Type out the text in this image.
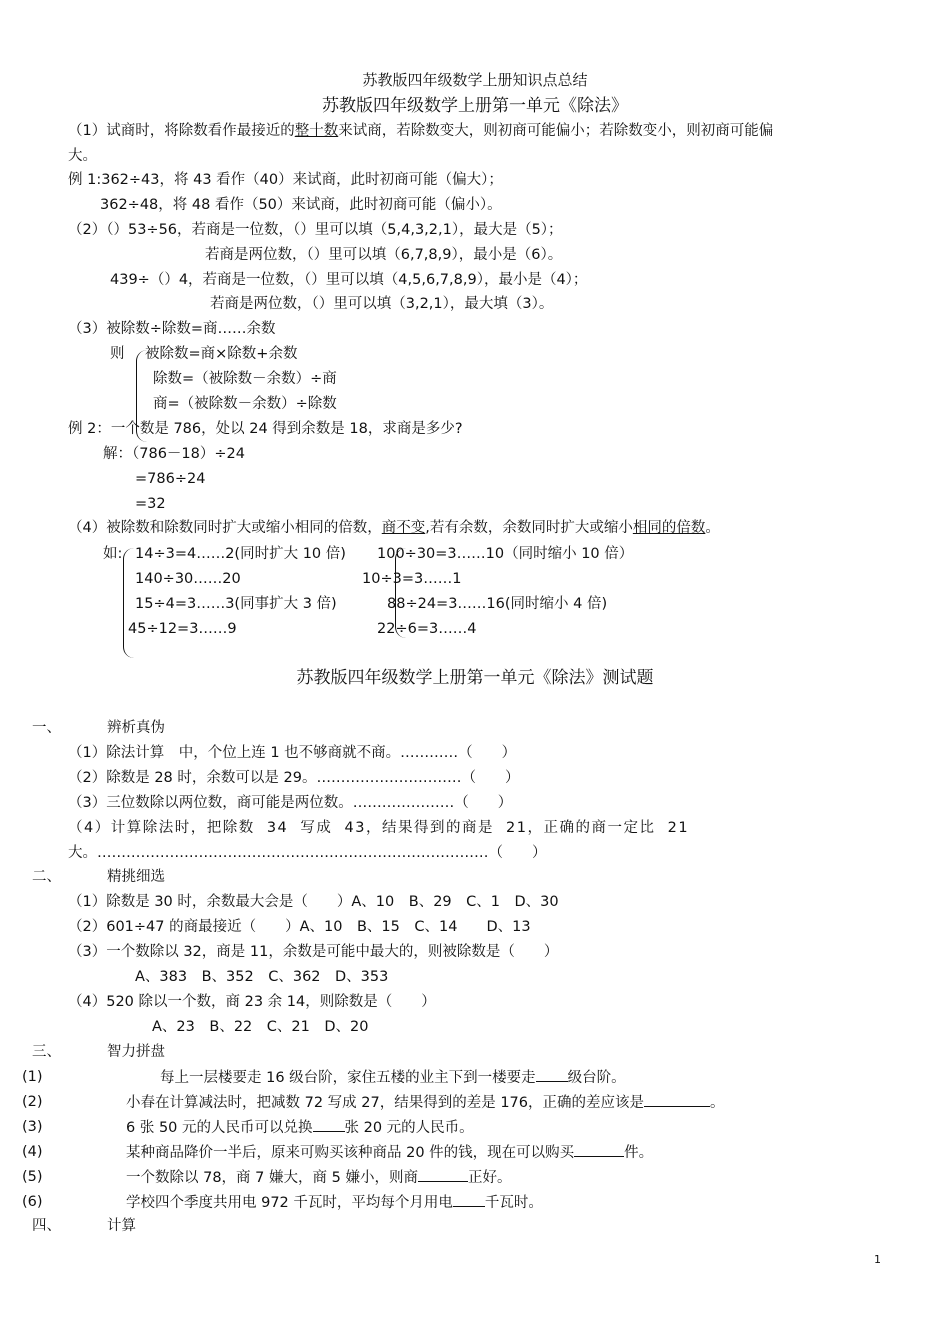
苏教版四年级数学上册知识点总结
苏教版四年级数学上册第一单元《除法》
（1）试商时，将除数看作最接近的整十数来试商，若除数变大，则初商可能偏小；若除数变小，则初商可能偏
大。
例 1:362÷43，将 43 看作（40）来试商，此时初商可能（偏大）；
362÷48，将 48 看作（50）来试商，此时初商可能（偏小）。
（2）（）53÷56，若商是一位数，（）里可以填（5,4,3,2,1），最大是（5）；
若商是两位数，（）里可以填（6,7,8,9），最小是（6）。
439÷（）4，若商是一位数，（）里可以填（4,5,6,7,8,9），最小是（4）；
若商是两位数，（）里可以填（3,2,1），最大填（3）。
（3）被除数÷除数=商……余数
则 被除数=商×除数+余数
除数=（被除数－余数）÷商
商=（被除数－余数）÷除数
例 2：一个数是 786，处以 24 得到余数是 18，求商是多少?
解：（786－18）÷24
=786÷24
=32
（4）被除数和除数同时扩大或缩小相同的倍数，商不变,若有余数，余数同时扩大或缩小相同的倍数。
如: 14÷3=4……2(同时扩大 10 倍)
140÷30……20
15÷4=3……3(同事扩大 3 倍)
45÷12=3……9
100÷30=3……10（同时缩小 10 倍）
10÷3=3……1
88÷24=3……16(同时缩小 4 倍)
22÷6=3……4
苏教版四年级数学上册第一单元《除法》测试题
一、	辨析真伪
（1）除法计算　中，个位上连 1 也不够商就不商。…………（　　）
（2）除数是 28 时，余数可以是 29。…………………………（　　）
（3）三位数除以两位数，商可能是两位数。…………………（　　）
（4）计算除法时，把除数 34 写成 43，结果得到的商是 21，正确的商一定比 21
大。………………………………………………………………………（　　）
二、	精挑细选
（1）除数是 30 时，余数最大会是（　　）A、10　B、29　C、1　D、30
（2）601÷47 的商最接近（　　）A、10　B、15　C、14　　D、13
（3）一个数除以 32，商是 11，余数是可能中最大的，则被除数是（　　）
A、383　B、352　C、362　D、353
（4）520 除以一个数，商 23 余 14，则除数是（　　）
A、23　B、22　C、21　D、20
三、	智力拼盘
(1)	每上一层楼要走 16 级台阶，家住五楼的业主下到一楼要走 级台阶。
(2)	小春在计算减法时，把减数 72 写成 27，结果得到的差是 176，正确的差应该是	。
(3)	6 张 50 元的人民币可以兑换 张 20 元的人民币。
(4)	某种商品降价一半后，原来可购买该种商品 20 件的钱，现在可以购买	件。
(5)	一个数除以 78，商 7 嫌大，商 5 嫌小，则商	正好。
(6)	学校四个季度共用电 972 千瓦时，平均每个月用电 千瓦时。
四、	计算
1
